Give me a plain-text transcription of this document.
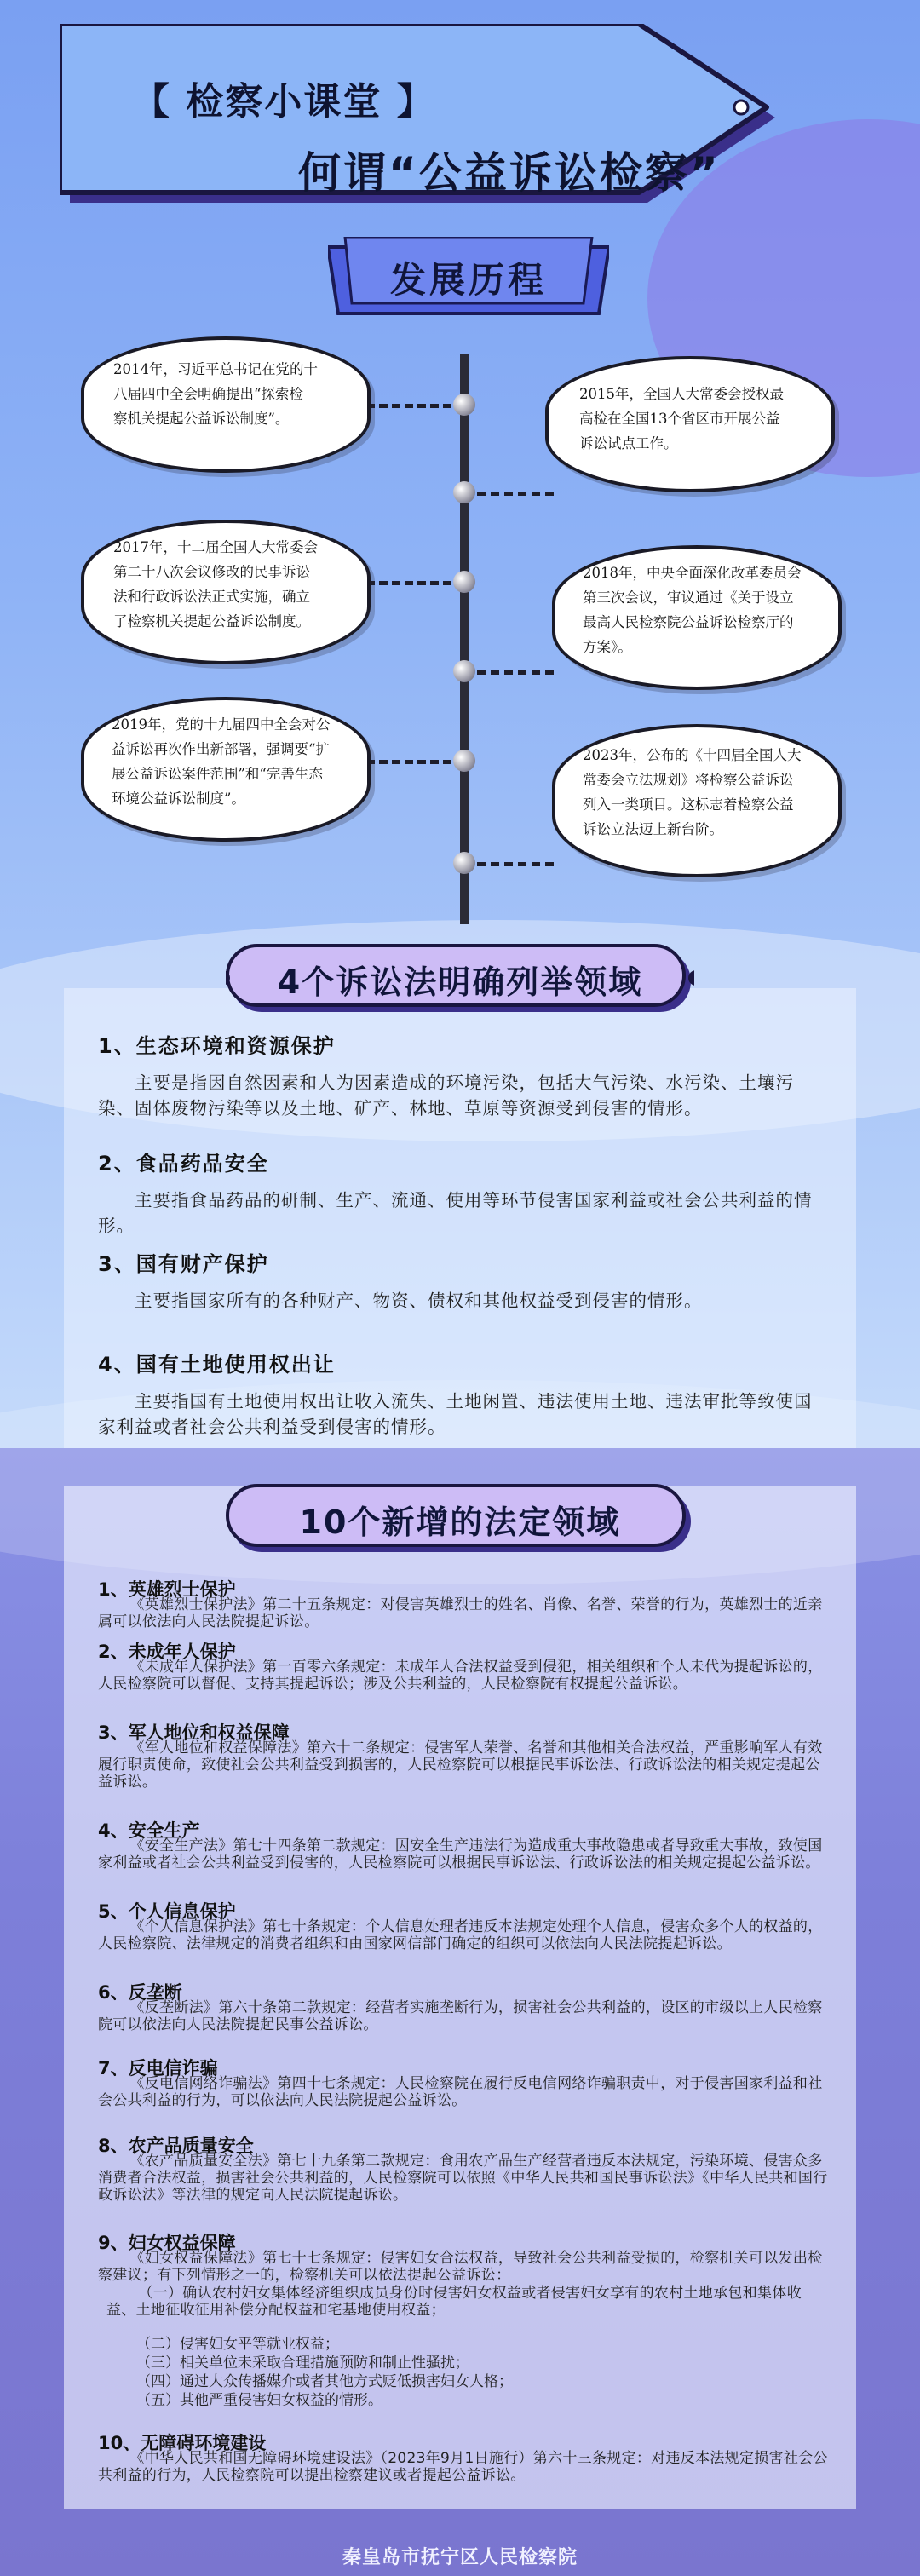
【 检察小课堂 】
何谓“公益诉讼检察”
发展历程
2014年，习近平总书记在党的十
八届四中全会明确提出“探索检
察机关提起公益诉讼制度”。
2015年，全国人大常委会授权最
高检在全国13个省区市开展公益
诉讼试点工作。
2017年，十二届全国人大常委会
第二十八次会议修改的民事诉讼
法和行政诉讼法正式实施，确立
了检察机关提起公益诉讼制度。
2018年，中央全面深化改革委员会
第三次会议，审议通过《关于设立
最高人民检察院公益诉讼检察厅的
方案》。
2019年，党的十九届四中全会对公
益诉讼再次作出新部署，强调要“扩
展公益诉讼案件范围”和“完善生态
环境公益诉讼制度”。
2023年，公布的《十四届全国人大
常委会立法规划》将检察公益诉讼
列入一类项目。这标志着检察公益
诉讼立法迈上新台阶。
4个诉讼法明确列举领域
1、生态环境和资源保护
主要是指因自然因素和人为因素造成的环境污染，包括大气污染、水污染、土壤污染、固体废物污染等以及土地、矿产、林地、草原等资源受到侵害的情形。
2、食品药品安全
主要指食品药品的研制、生产、流通、使用等环节侵害国家利益或社会公共利益的情形。
3、国有财产保护
主要指国家所有的各种财产、物资、债权和其他权益受到侵害的情形。
4、国有土地使用权出让
主要指国有土地使用权出让收入流失、土地闲置、违法使用土地、违法审批等致使国家利益或者社会公共利益受到侵害的情形。
10个新增的法定领域
1、英雄烈士保护
《英雄烈士保护法》第二十五条规定：对侵害英雄烈士的姓名、肖像、名誉、荣誉的行为，英雄烈士的近亲属可以依法向人民法院提起诉讼。
2、未成年人保护
《未成年人保护法》第一百零六条规定：未成年人合法权益受到侵犯，相关组织和个人未代为提起诉讼的，人民检察院可以督促、支持其提起诉讼；涉及公共利益的，人民检察院有权提起公益诉讼。
3、军人地位和权益保障
《军人地位和权益保障法》第六十二条规定：侵害军人荣誉、名誉和其他相关合法权益，严重影响军人有效履行职责使命，致使社会公共利益受到损害的，人民检察院可以根据民事诉讼法、行政诉讼法的相关规定提起公益诉讼。
4、安全生产
《安全生产法》第七十四条第二款规定：因安全生产违法行为造成重大事故隐患或者导致重大事故，致使国家利益或者社会公共利益受到侵害的，人民检察院可以根据民事诉讼法、行政诉讼法的相关规定提起公益诉讼。
5、个人信息保护
《个人信息保护法》第七十条规定：个人信息处理者违反本法规定处理个人信息，侵害众多个人的权益的，人民检察院、法律规定的消费者组织和由国家网信部门确定的组织可以依法向人民法院提起诉讼。
6、反垄断
《反垄断法》第六十条第二款规定：经营者实施垄断行为，损害社会公共利益的，设区的市级以上人民检察院可以依法向人民法院提起民事公益诉讼。
7、反电信诈骗
《反电信网络诈骗法》第四十七条规定：人民检察院在履行反电信网络诈骗职责中，对于侵害国家利益和社会公共利益的行为，可以依法向人民法院提起公益诉讼。
8、农产品质量安全
《农产品质量安全法》第七十九条第二款规定：食用农产品生产经营者违反本法规定，污染环境、侵害众多消费者合法权益，损害社会公共利益的，人民检察院可以依照《中华人民共和国民事诉讼法》《中华人民共和国行政诉讼法》等法律的规定向人民法院提起诉讼。
9、妇女权益保障
《妇女权益保障法》第七十七条规定：侵害妇女合法权益，导致社会公共利益受损的，检察机关可以发出检察建议；有下列情形之一的，检察机关可以依法提起公益诉讼：
（一）确认农村妇女集体经济组织成员身份时侵害妇女权益或者侵害妇女享有的农村土地承包和集体收益、土地征收征用补偿分配权益和宅基地使用权益；
（二）侵害妇女平等就业权益；
（三）相关单位未采取合理措施预防和制止性骚扰；
（四）通过大众传播媒介或者其他方式贬低损害妇女人格；
（五）其他严重侵害妇女权益的情形。
10、无障碍环境建设
《中华人民共和国无障碍环境建设法》（2023年9月1日施行）第六十三条规定：对违反本法规定损害社会公共利益的行为，人民检察院可以提出检察建议或者提起公益诉讼。
秦皇岛市抚宁区人民检察院
